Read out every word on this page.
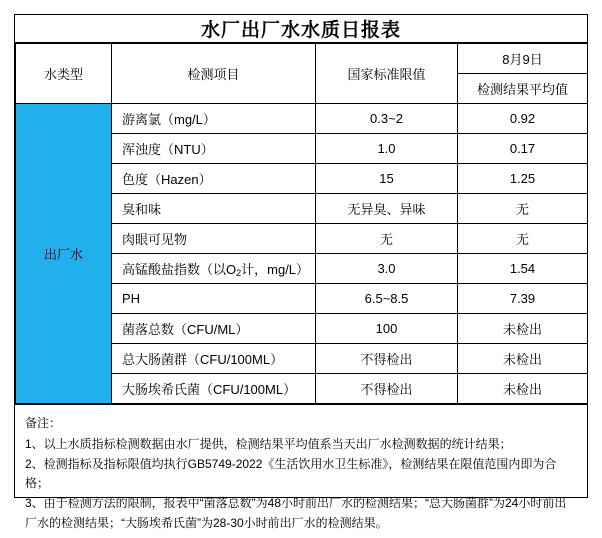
水厂出厂水水质日报表
水类型	检测项目	国家标准限值	8月9日
			检测结果平均值
出厂水	游离氯（mg/L）	0.3~2	0.92
	浑浊度（NTU）	1.0	0.17
	色度（Hazen）	15	1.25
	臭和味	无异臭、异味	无
	肉眼可见物	无	无
	高锰酸盐指数（以$O_2$计，mg/L）	3.0	1.54
	PH	6.5~8.5	7.39
	菌落总数（CFU/ML）	100	未检出
	总大肠菌群（CFU/100ML）	不得检出	未检出
	大肠埃希氏菌（CFU/100ML）	不得检出	未检出
备注：
1、以上水质指标检测数据由水厂提供，检测结果平均值系当天出厂水检测数据的统计结果；
2、检测指标及指标限值均执行GB5749-2022《生活饮用水卫生标准》，检测结果在限值范围内即为合格；
3、由于检测方法的限制，报表中“菌落总数”为48小时前出厂水的检测结果；“总大肠菌群”为24小时前出厂水的检测结果；“大肠埃希氏菌”为28-30小时前出厂水的检测结果。
